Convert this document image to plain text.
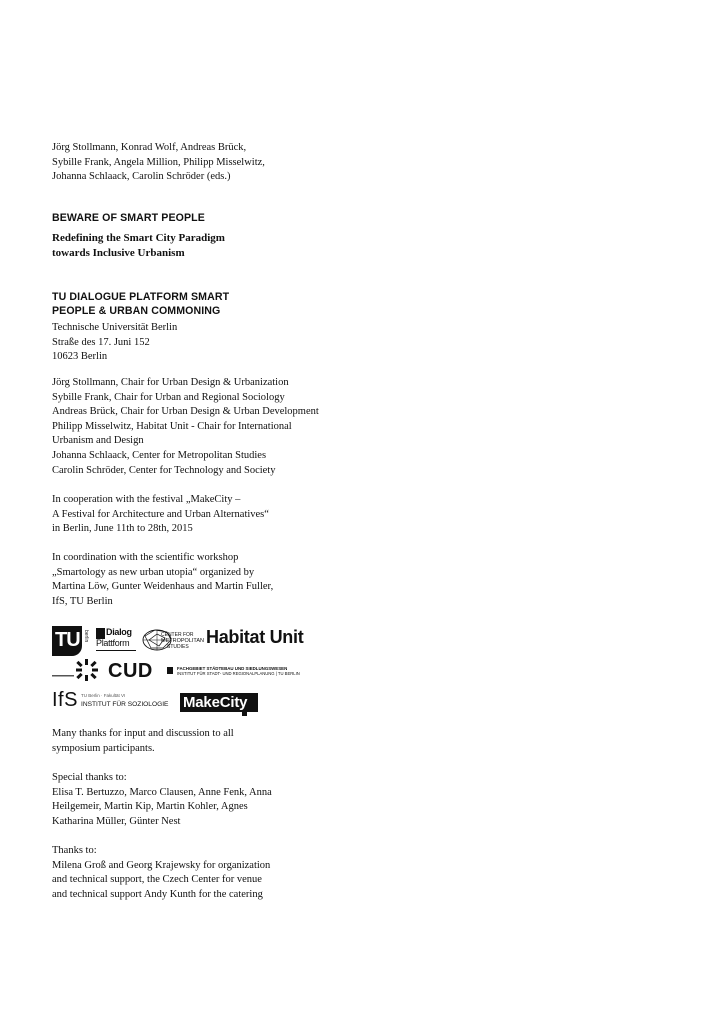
Jörg Stollmann, Konrad Wolf, Andreas Brück,
Sybille Frank, Angela Million, Philipp Misselwitz,
Johanna Schlaack, Carolin Schröder (eds.)
BEWARE OF SMART PEOPLE
Redefining the Smart City Paradigm
towards Inclusive Urbanism
TU DIALOGUE PLATFORM SMART
PEOPLE & URBAN COMMONING
Technische Universität Berlin
Straße des 17. Juni 152
10623 Berlin
Jörg Stollmann, Chair for Urban Design & Urbanization
Sybille Frank, Chair for Urban and Regional Sociology
Andreas Brück, Chair for Urban Design & Urban Development
Philipp Misselwitz, Habitat Unit - Chair for International
Urbanism and Design
Johanna Schlaack, Center for Metropolitan Studies
Carolin Schröder, Center for Technology and Society
In cooperation with the festival „MakeCity –
A Festival for Architecture and Urban Alternatives“
in Berlin, June 11th to 28th, 2015
In coordination with the scientific workshop
„Smartology as new urban utopia“ organized by
Martina Löw, Gunter Weidenhaus and Martin Fuller,
IfS, TU Berlin
TU berlin Dialog
Plattform
CENTER FOR
METROPOLITAN
STUDIES Habitat Unit
CUD	FACHGEBIET STÄDTEBAU UND SIEDLUNGSWESEN
INSTITUT FÜR STADT- UND REGIONALPLANUNG | TU BERLIN
IfS TU Berlin · Fakultät VI
INSTITUT FÜR SOZIOLOGIE MakeCity
Many thanks for input and discussion to all
symposium participants.
Special thanks to:
Elisa T. Bertuzzo, Marco Clausen, Anne Fenk, Anna
Heilgemeir, Martin Kip, Martin Kohler, Agnes
Katharina Müller, Günter Nest
Thanks to:
Milena Groß and Georg Krajewsky for organization
and technical support, the Czech Center for venue
and technical support Andy Kunth for the catering
